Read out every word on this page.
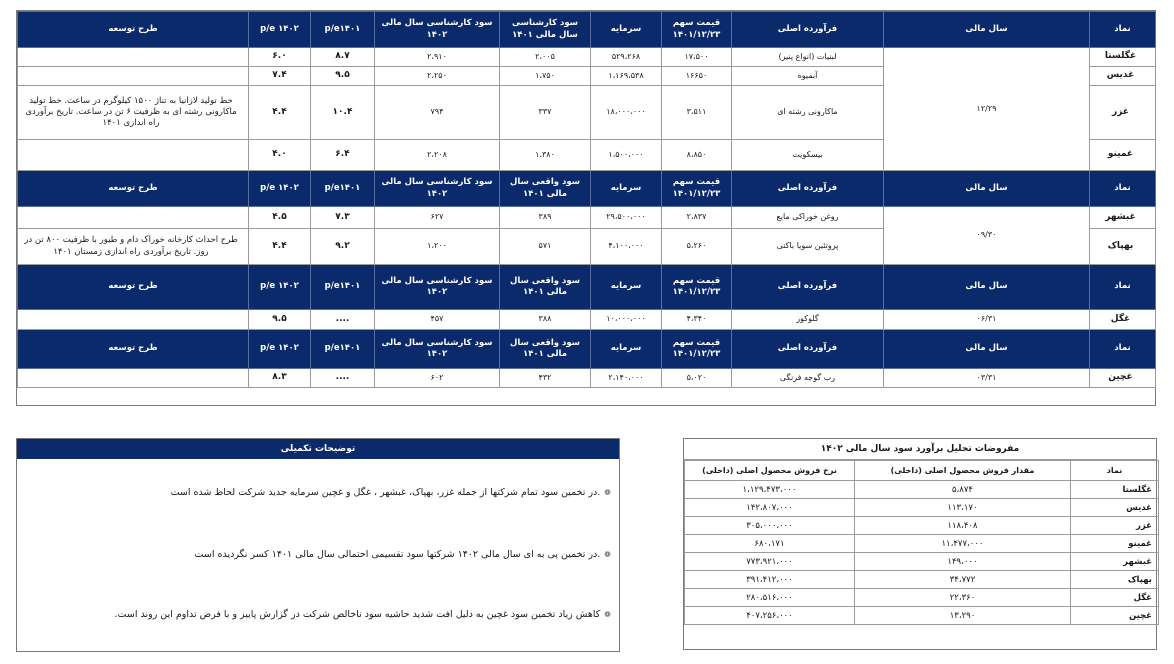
نماد	سال مالی	فرآورده اصلی	قیمت سهم ۱۴۰۱/۱۲/۲۳	سرمایه	سود کارشناسی سال مالی ۱۴۰۱	سود کارشناسی سال مالی ۱۴۰۲	p/e۱۴۰۱	p/e ۱۴۰۲	طرح توسعه
غگلستا	۱۲/۲۹	لبنیات (انواع پنیر)	۱۷،۵۰۰	۵۲۹،۲۶۸	۲،۰۰۵	۲،۹۱۰	۸.۷	۶.۰	
غدیس		آبمیوه	۱۶۶۵۰	۱،۱۶۹،۵۳۸	۱،۷۵۰	۲،۲۵۰	۹.۵	۷.۴	
غزر		ماکارونی رشته ای	۳،۵۱۱	۱۸،۰۰۰،۰۰۰	۳۳۷	۷۹۴	۱۰.۴	۴.۴	خط تولید لازانیا به تناژ ۱۵۰۰ کیلوگرم در ساعت. خط تولید ماکارونی رشته ای به ظرفیت ۶ تن در ساعت. تاریخ برآوردی راه اندازی ۱۴۰۱
غمینو		بیسکویت	۸،۸۵۰	۱،۵۰۰،۰۰۰	۱،۳۸۰	۲،۲۰۸	۶.۴	۴.۰	
نماد	سال مالی	فرآورده اصلی	قیمت سهم ۱۴۰۱/۱۲/۲۳	سرمایه	سود واقعی سال مالی ۱۴۰۱	سود کارشناسی سال مالی ۱۴۰۲	p/e۱۴۰۱	p/e ۱۴۰۲	طرح توسعه
غبشهر	۰۹/۳۰	روغن خوراکی مایع	۲،۸۳۷	۲۹،۵۰۰،۰۰۰	۳۸۹	۶۲۷	۷.۳	۴.۵	
بهپاک		پروتئین سویا باکتی	۵،۲۶۰	۴،۱۰۰،۰۰۰	۵۷۱	۱،۲۰۰	۹.۲	۴.۴	طرح احداث کارخانه خوراک دام و طیور با ظرفیت ۸۰۰ تن در روز. تاریخ برآوردی راه اندازی زمستان ۱۴۰۱
نماد	سال مالی	فرآورده اصلی	قیمت سهم ۱۴۰۱/۱۲/۲۳	سرمایه	سود واقعی سال مالی ۱۴۰۱	سود کارشناسی سال مالی ۱۴۰۲	p/e۱۴۰۱	p/e ۱۴۰۲	طرح توسعه
غگل	۰۶/۳۱	گلوکوز	۴،۳۴۰	۱۰،۰۰۰،۰۰۰	۳۸۸	۴۵۷	....	۹.۵	
نماد	سال مالی	فرآورده اصلی	قیمت سهم ۱۴۰۱/۱۲/۲۳	سرمایه	سود واقعی سال مالی ۱۴۰۱	سود کارشناسی سال مالی ۱۴۰۲	p/e۱۴۰۱	p/e ۱۴۰۲	طرح توسعه
غچین	۰۳/۳۱	رب گوجه فرنگی	۵،۰۲۰	۲،۱۴۰،۰۰۰	۴۳۲	۶۰۲	....	۸.۳	
توضیحات تکمیلی
❁.در تخمین سود تمام شرکتها از جمله غزر، بهپاک، غبشهر ، غگل و غچین سرمایه جدید شرکت لحاظ شده است
❁.در تخمین پی به ای سال مالی ۱۴۰۲ شرکتها سود تقسیمی احتمالی سال مالی ۱۴۰۱ کسر نگردیده است
❁کاهش زیاد تخمین سود غچین به دلیل افت شدید حاشیه سود ناخالص شرکت در گزارش پاییز و با فرض تداوم این روند است.
مفروضات تحلیل برآورد سود سال مالی ۱۴۰۲
نماد	مقدار فروش محصول اصلی (داخلی)	نرخ فروش محصول اصلی (داخلی)
غگلستا	۵،۸۷۴	۱،۱۲۹،۴۷۳،۰۰۰
غدیس	۱۱۳،۱۷۰	۱۴۲،۸۰۷،۰۰۰
غزر	۱۱۸،۴۰۸	۳۰۵،۰۰۰،۰۰۰
غمینو	۱۱،۴۷۷،۰۰۰	۶۸۰،۱۷۱
غبشهر	۱۴۹،۰۰۰	۷۷۳،۹۲۱،۰۰۰
بهپاک	۳۴،۷۷۲	۳۹۱،۴۱۲،۰۰۰
غگل	۲۲،۳۶۰	۲۸۰،۵۱۶،۰۰۰
غچین	۱۳،۲۹۰	۴۰۷،۲۵۶،۰۰۰
